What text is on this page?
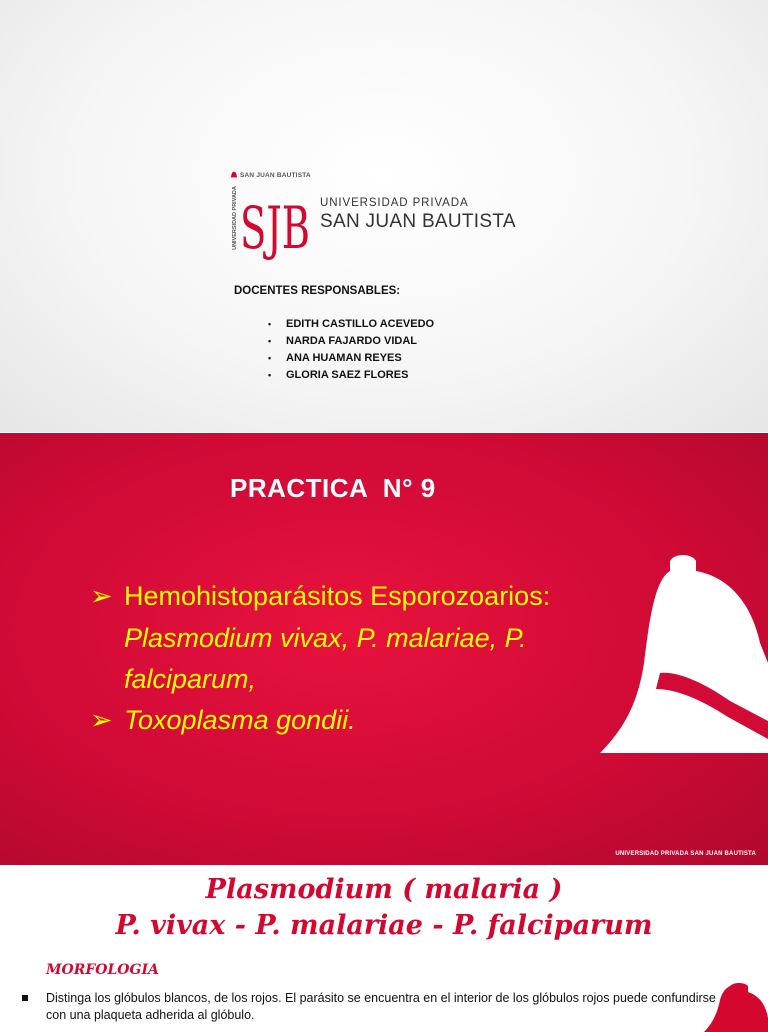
SAN JUAN BAUTISTA
UNIVERSIDAD PRIVADA SJB UNIVERSIDAD PRIVADA
SAN JUAN BAUTISTA
DOCENTES RESPONSABLES:
• EDITH CASTILLO ACEVEDO
• NARDA FAJARDO VIDAL
• ANA HUAMAN REYES
• GLORIA SAEZ FLORES
PRACTICA  N° 9
➢ Hemohistoparásitos Esporozoarios:
Plasmodium vivax, P. malariae, P.
falciparum,
➢ Toxoplasma gondii.
UNIVERSIDAD PRIVADA SAN JUAN BAUTISTA
Plasmodium ( malaria )
P. vivax - P. malariae - P. falciparum
MORFOLOGIA
Distinga los glóbulos blancos, de los rojos. El parásito se encuentra en el interior de los glóbulos rojos puede confundirse con una plaqueta adherida al glóbulo.
